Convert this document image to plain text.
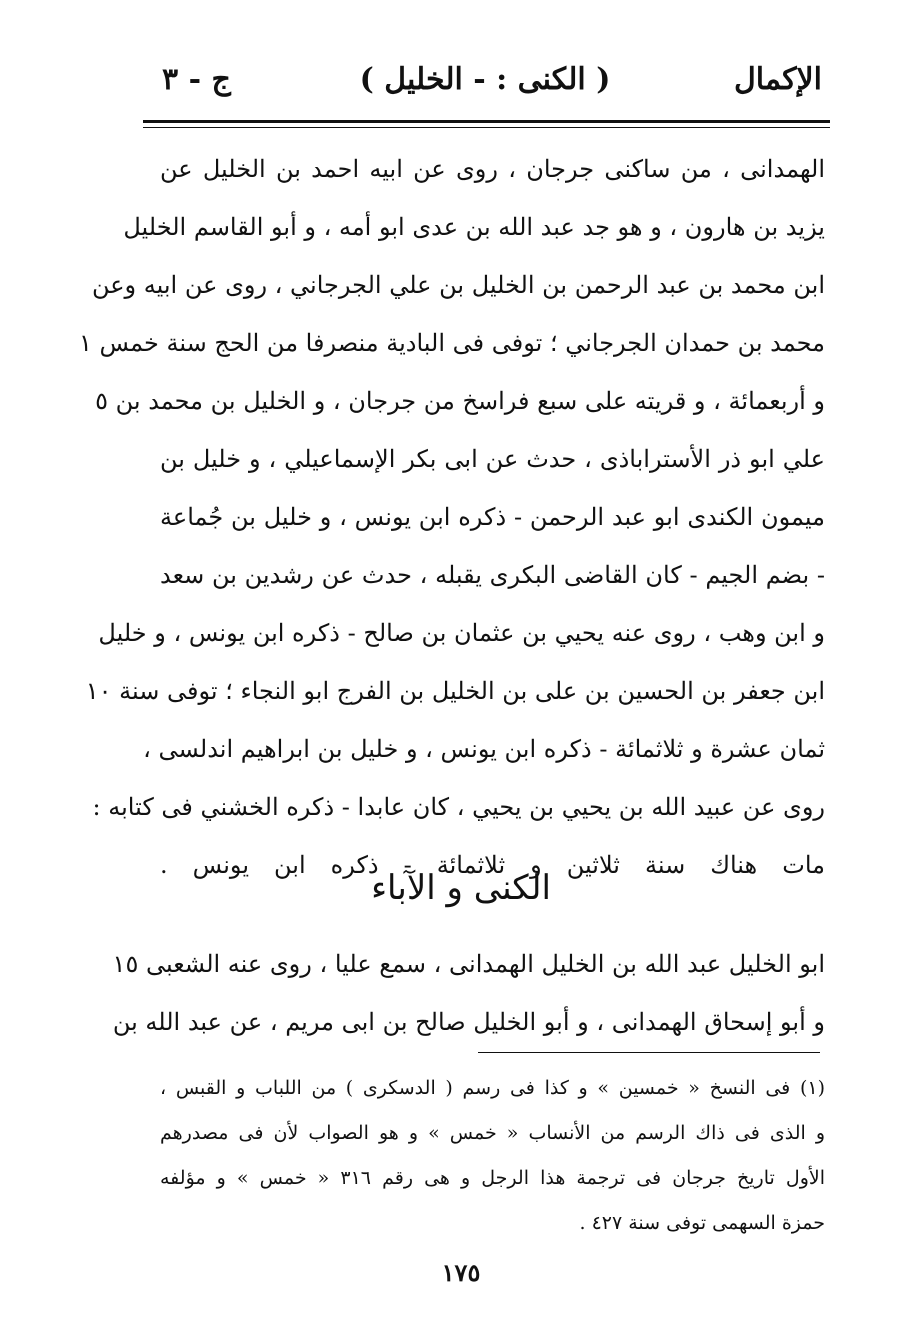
الإكمال
( الكنى : - الخليل )
ج - ٣
الهمدانى ، من ساكنى جرجان ، روى عن ابيه احمد بن الخليل عن
يزيد بن هارون ، و هو جد عبد الله بن عدى ابو أمه ، و أبو القاسم الخليل
ابن محمد بن عبد الرحمن بن الخليل بن علي الجرجاني ، روى عن ابيه وعن
محمد بن حمدان الجرجاني ؛ توفى فى البادية منصرفا من الحج سنة خمس ١
و أربعمائة ، و قريته على سبع فراسخ من جرجان ، و الخليل بن محمد بن ٥
علي ابو ذر الأستراباذى ، حدث عن ابى بكر الإسماعيلي ، و خليل بن
ميمون الكندى ابو عبد الرحمن - ذكره ابن يونس ، و خليل بن جُماعة
- بضم الجيم - كان القاضى البكرى يقبله ، حدث عن رشدين بن سعد
و ابن وهب ، روى عنه يحيي بن عثمان بن صالح - ذكره ابن يونس ، و خليل
ابن جعفر بن الحسين بن على بن الخليل بن الفرج ابو النجاء ؛ توفى سنة ١٠
ثمان عشرة و ثلاثمائة - ذكره ابن يونس ، و خليل بن ابراهيم اندلسى ،
روى عن عبيد الله بن يحيي بن يحيي ، كان عابدا - ذكره الخشني فى كتابه :
مات هناك سنة ثلاثين و ثلاثمائة - ذكره ابن يونس .
الكنى و الآباء
ابو الخليل عبد الله بن الخليل الهمدانى ، سمع عليا ، روى عنه الشعبى ١٥
و أبو إسحاق الهمدانى ، و أبو الخليل صالح بن ابى مريم ، عن عبد الله بن
(١) فى النسخ « خمسين » و كذا فى رسم ( الدسكرى ) من اللباب و القبس ،
و الذى فى ذاك الرسم من الأنساب « خمس » و هو الصواب لأن فى مصدرهم
الأول تاريخ جرجان فى ترجمة هذا الرجل و هى رقم ٣١٦ « خمس » و مؤلفه
حمزة السهمى توفى سنة ٤٢٧ .
١٧٥
